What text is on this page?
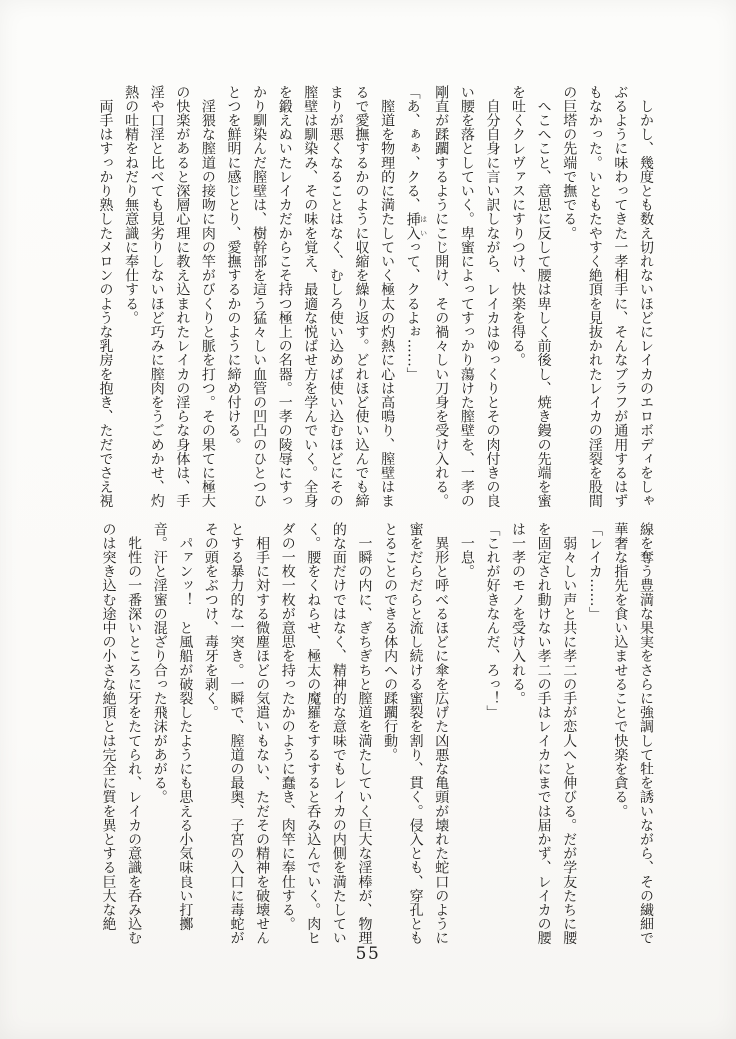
　しかし、幾度とも数え切れないほどにレイカのエロボディをしゃ
ぶるように味わってきた一孝相手に、そんなブラフが通用するはず
もなかった。いともたやすく絶頂を見抜かれたレイカの淫裂を股間
の巨塔の先端で撫でる。
　へこへこと、意思に反して腰は卑しく前後し、焼き鏝の先端を蜜
を吐くクレヴァスにすりつけ、快楽を得る。
　自分自身に言い訳しながら、レイカはゆっくりとその肉付きの良
い腰を落としていく。卑蜜によってすっかり蕩けた膣壁を、一孝の
剛直が蹂躙するようにこじ開け、その禍々しい刀身を受け入れる。
「あ、ぁぁ、クる、挿入 はいって、クるよぉ……」
　膣道を物理的に満たしていく極太の灼熱に心は高鳴り、膣壁はま
るで愛撫するかのように収縮を繰り返す。どれほど使い込んでも締
まりが悪くなることはなく、むしろ使い込めば使い込むほどにその
膣壁は馴染み、その味を覚え、最適な悦ばせ方を学んでいく。全身
を鍛えぬいたレイカだからこそ持つ極上の名器。一孝の陵辱にすっ
かり馴染んだ膣壁は、樹幹部を這う猛々しい血管の凹凸のひとつひ
とつを鮮明に感じとり、愛撫するかのように締め付ける。
　淫猥な膣道の接吻に肉の竿がびくりと脈を打つ。その果てに極大
の快楽があると深層心理に教え込まれたレイカの淫らな身体は、手
淫や口淫と比べても見劣りしないほど巧みに膣肉をうごめかせ、灼
熱の吐精をねだり無意識に奉仕する。
　両手はすっかり熟したメロンのような乳房を抱き、ただでさえ視
線を奪う豊満な果実をさらに強調して牡を誘いながら、その繊細で
華奢な指先を食い込ませることで快楽を貪る。
「レイカ……」
　弱々しい声と共に孝二の手が恋人へと伸びる。だが学友たちに腰
を固定され動けない孝二の手はレイカにまでは届かず、レイカの腰
は一孝のモノを受け入れる。
「これが好きなんだ、ろっ！」
　一息。
　異形と呼べるほどに傘を広げた凶悪な亀頭が壊れた蛇口のように
蜜をだらだらと流し続ける蜜裂を割り、貫く。侵入とも、穿孔とも
とることのできる体内への蹂躙行動。
　一瞬の内に、ぎちぎちと膣道を満たしていく巨大な淫棒が、物理
的な面だけではなく、精神的な意味でもレイカの内側を満たしてい
く。腰をくねらせ、極太の魔羅をするすると呑み込んでいく。肉ヒ
ダの一枚一枚が意思を持ったかのように蠢き、肉竿に奉仕する。
　相手に対する微塵ほどの気遣いもない、ただその精神を破壊せん
とする暴力的な一突き。一瞬で、膣道の最奥、子宮の入口に毒蛇が
その頭をぶつけ、毒牙を剥く。
　パァンッ！　と風船が破裂したようにも思える小気味良い打擲
音。汗と淫蜜の混ざり合った飛沫があがる。
　牝性の一番深いところに牙をたてられ、レイカの意識を呑み込む
のは突き込む途中の小さな絶頂とは完全に質を異とする巨大な絶
55
